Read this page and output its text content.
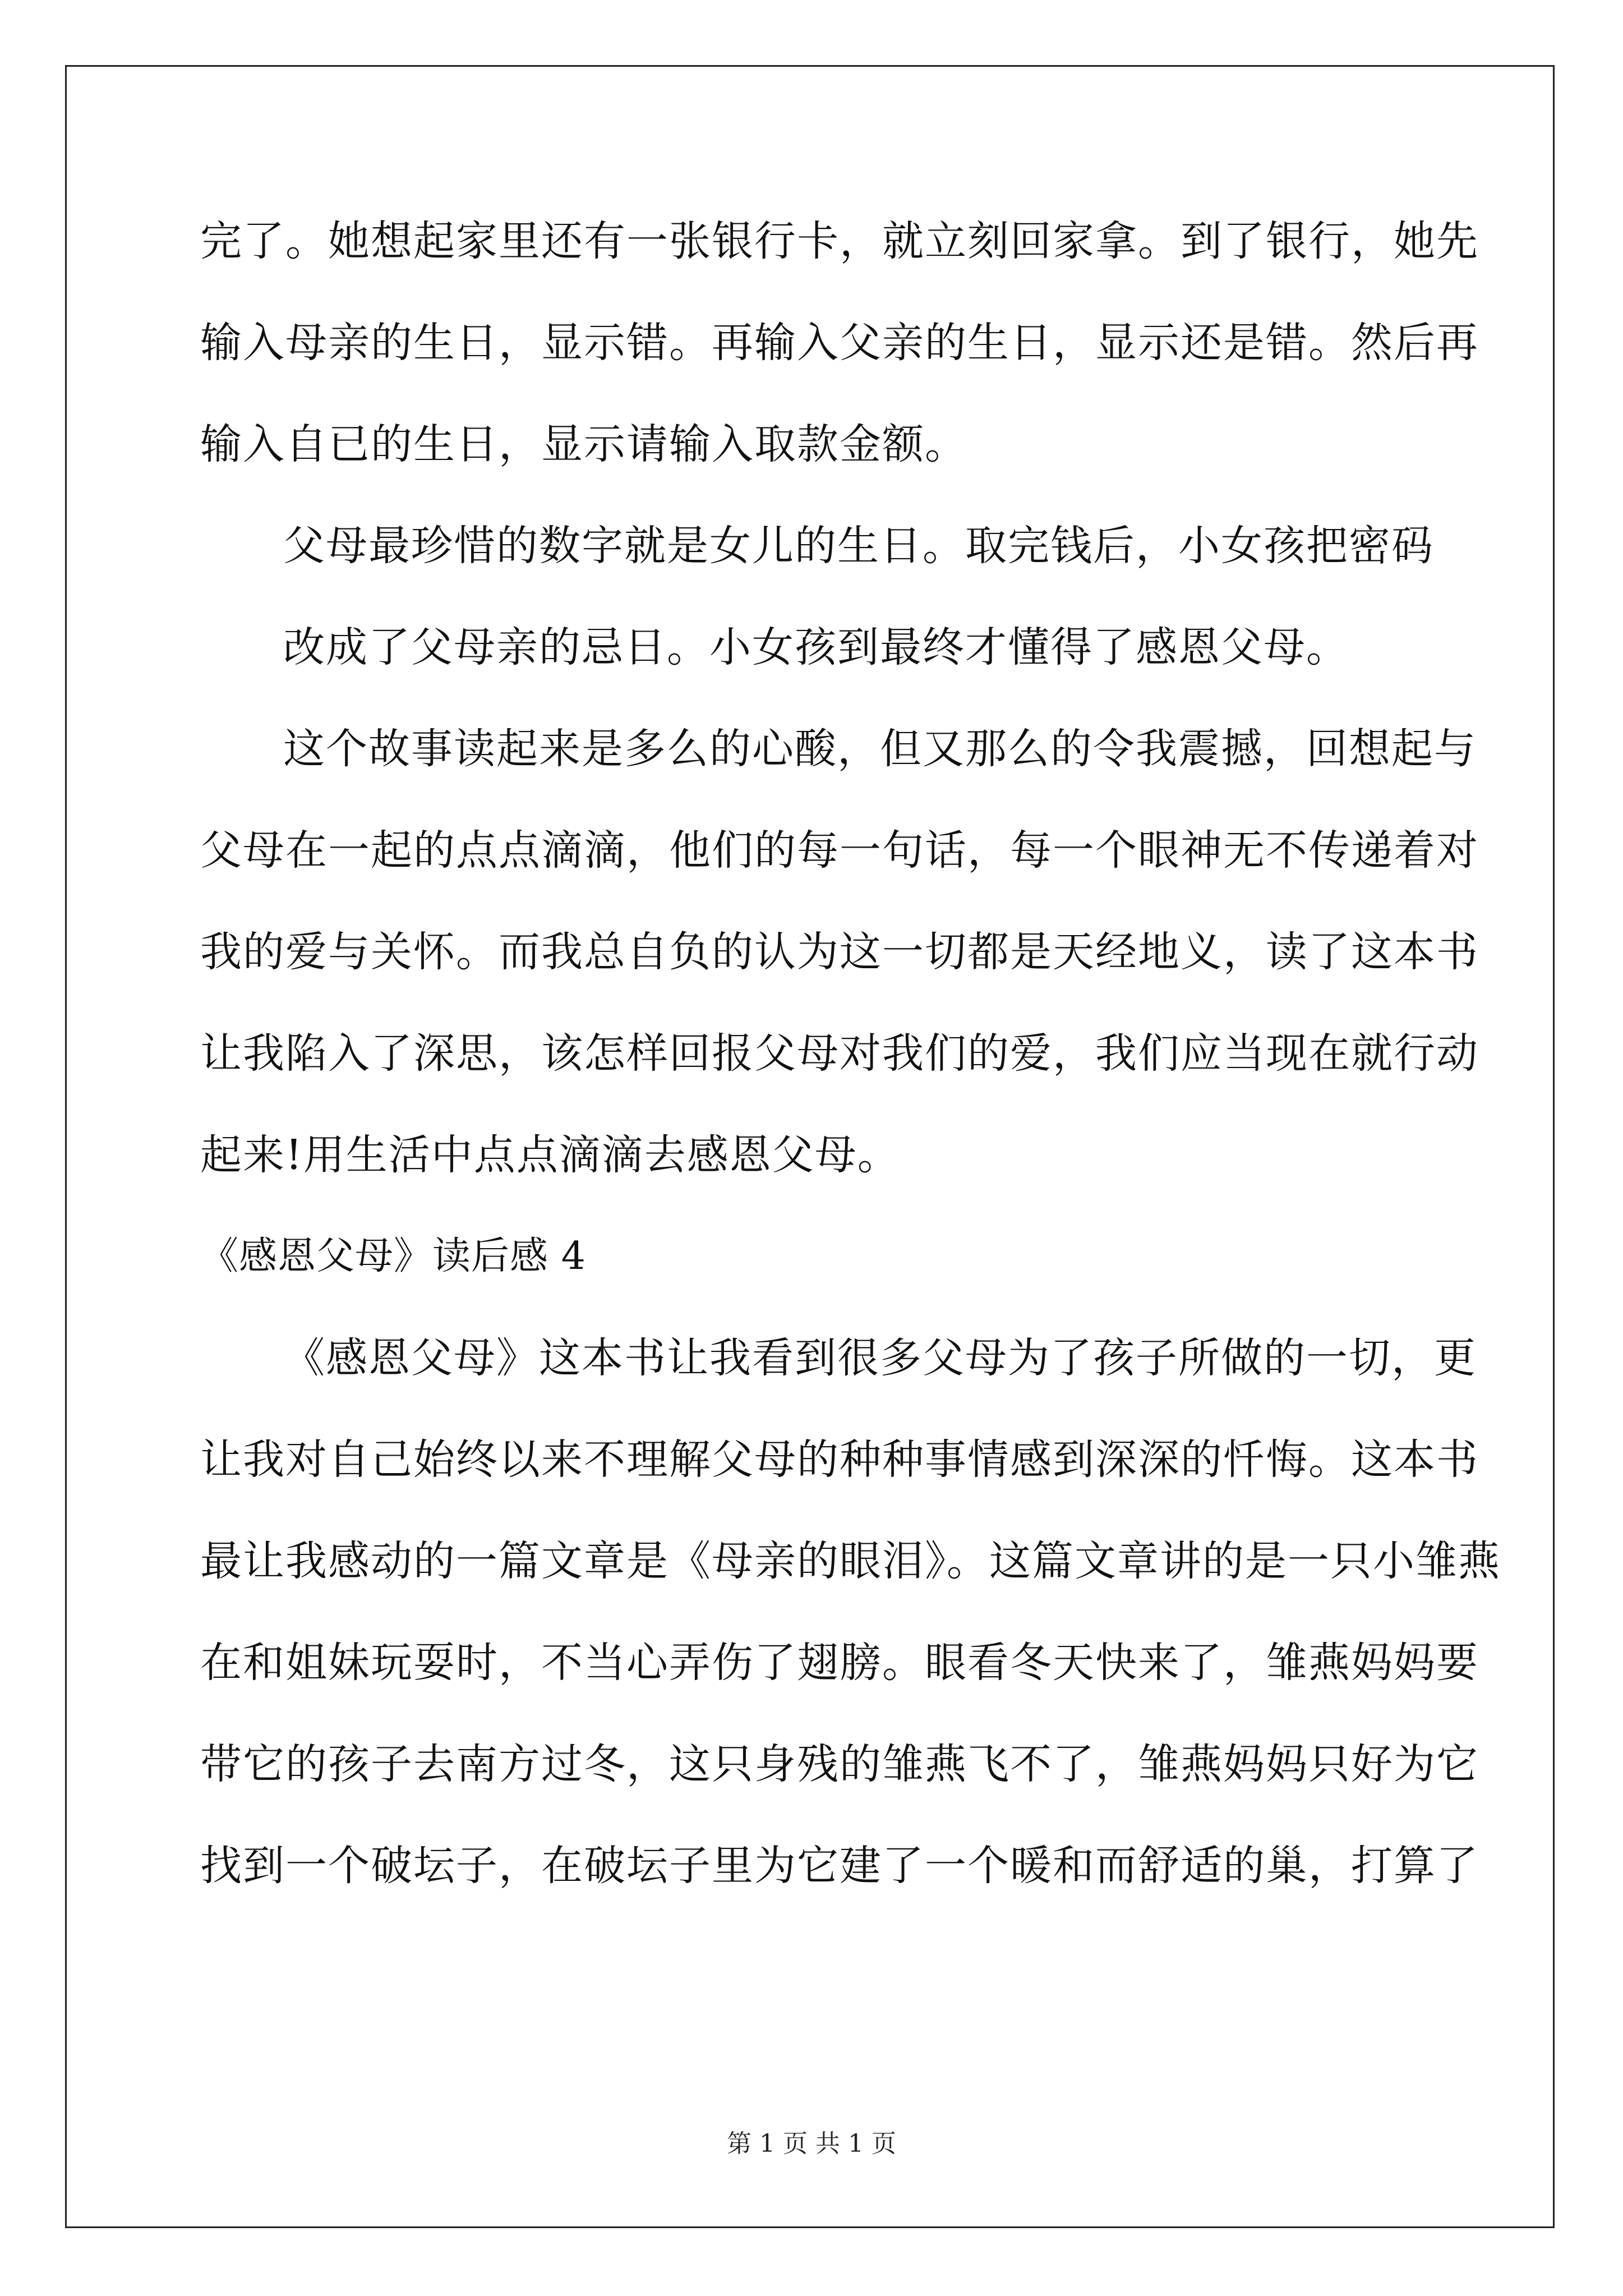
完了。她想起家里还有一张银行卡，就立刻回家拿。到了银行，她先
输入母亲的生日，显示错。再输入父亲的生日，显示还是错。然后再
输入自已的生日，显示请输入取款金额。
父母最珍惜的数字就是女儿的生日。取完钱后，小女孩把密码
改成了父母亲的忌日。小女孩到最终才懂得了感恩父母。
这个故事读起来是多么的心酸，但又那么的令我震撼，回想起与
父母在一起的点点滴滴，他们的每一句话，每一个眼神无不传递着对
我的爱与关怀。而我总自负的认为这一切都是天经地义，读了这本书
让我陷入了深思，该怎样回报父母对我们的爱，我们应当现在就行动
起来!用生活中点点滴滴去感恩父母。
《感恩父母》读后感 4
《感恩父母》这本书让我看到很多父母为了孩子所做的一切，更
让我对自己始终以来不理解父母的种种事情感到深深的忏悔。这本书
最让我感动的一篇文章是《母亲的眼泪》。这篇文章讲的是一只小雏燕
在和姐妹玩耍时，不当心弄伤了翅膀。眼看冬天快来了，雏燕妈妈要
带它的孩子去南方过冬，这只身残的雏燕飞不了，雏燕妈妈只好为它
找到一个破坛子，在破坛子里为它建了一个暖和而舒适的巢，打算了
第 1 页 共 1 页
